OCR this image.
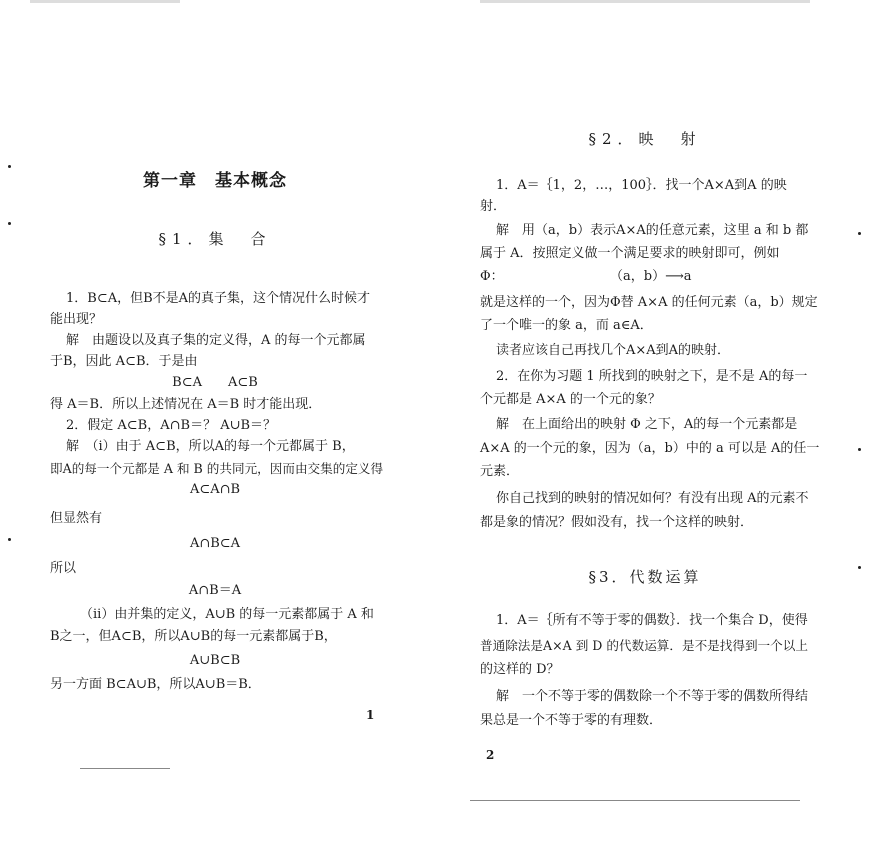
第一章　基本概念
§1．集　合
1．B⊂A，但B不是A的真子集，这个情况什么时候才
能出现？
解　由题设以及真子集的定义得，A 的每一个元都属
于B，因此 A⊂B．于是由
B⊂A　　A⊂B
得 A＝B．所以上述情况在 A＝B 时才能出现．
2．假定 A⊂B，A∩B＝？ A∪B＝？
解　（i）由于 A⊂B，所以A的每一个元都属于 B，
即A的每一个元都是 A 和 B 的共同元，因而由交集的定义得
A⊂A∩B
但显然有
A∩B⊂A
所以
A∩B＝A
（ii）由并集的定义，A∪B 的每一元素都属于 A 和
B之一，但A⊂B，所以A∪B的每一元素都属于B，
A∪B⊂B
另一方面 B⊂A∪B，所以A∪B＝B．
1
§2．映　射
1．A＝｛1，2，…，100｝．找一个A×A到A 的映
射．
解　用（a，b）表示A×A的任意元素，这里 a 和 b 都
属于 A．按照定义做一个满足要求的映射即可，例如
Φ：	（a，b）⟶a
就是这样的一个，因为Φ替 A×A 的任何元素（a，b）规定
了一个唯一的象 a，而 a∈A．
读者应该自己再找几个A×A到A的映射．
2．在你为习题 1 所找到的映射之下，是不是 A的每一
个元都是 A×A 的一个元的象？
解　在上面给出的映射 Φ 之下，A的每一个元素都是
A×A 的一个元的象，因为（a，b）中的 a 可以是 A的任一
元素．
你自己找到的映射的情况如何？有没有出现 A的元素不
都是象的情况？假如没有，找一个这样的映射．
§3．代数运算
1．A＝｛所有不等于零的偶数｝．找一个集合 D，使得
普通除法是A×A 到 D 的代数运算．是不是找得到一个以上
的这样的 D？
解　一个不等于零的偶数除一个不等于零的偶数所得结
果总是一个不等于零的有理数．
2
